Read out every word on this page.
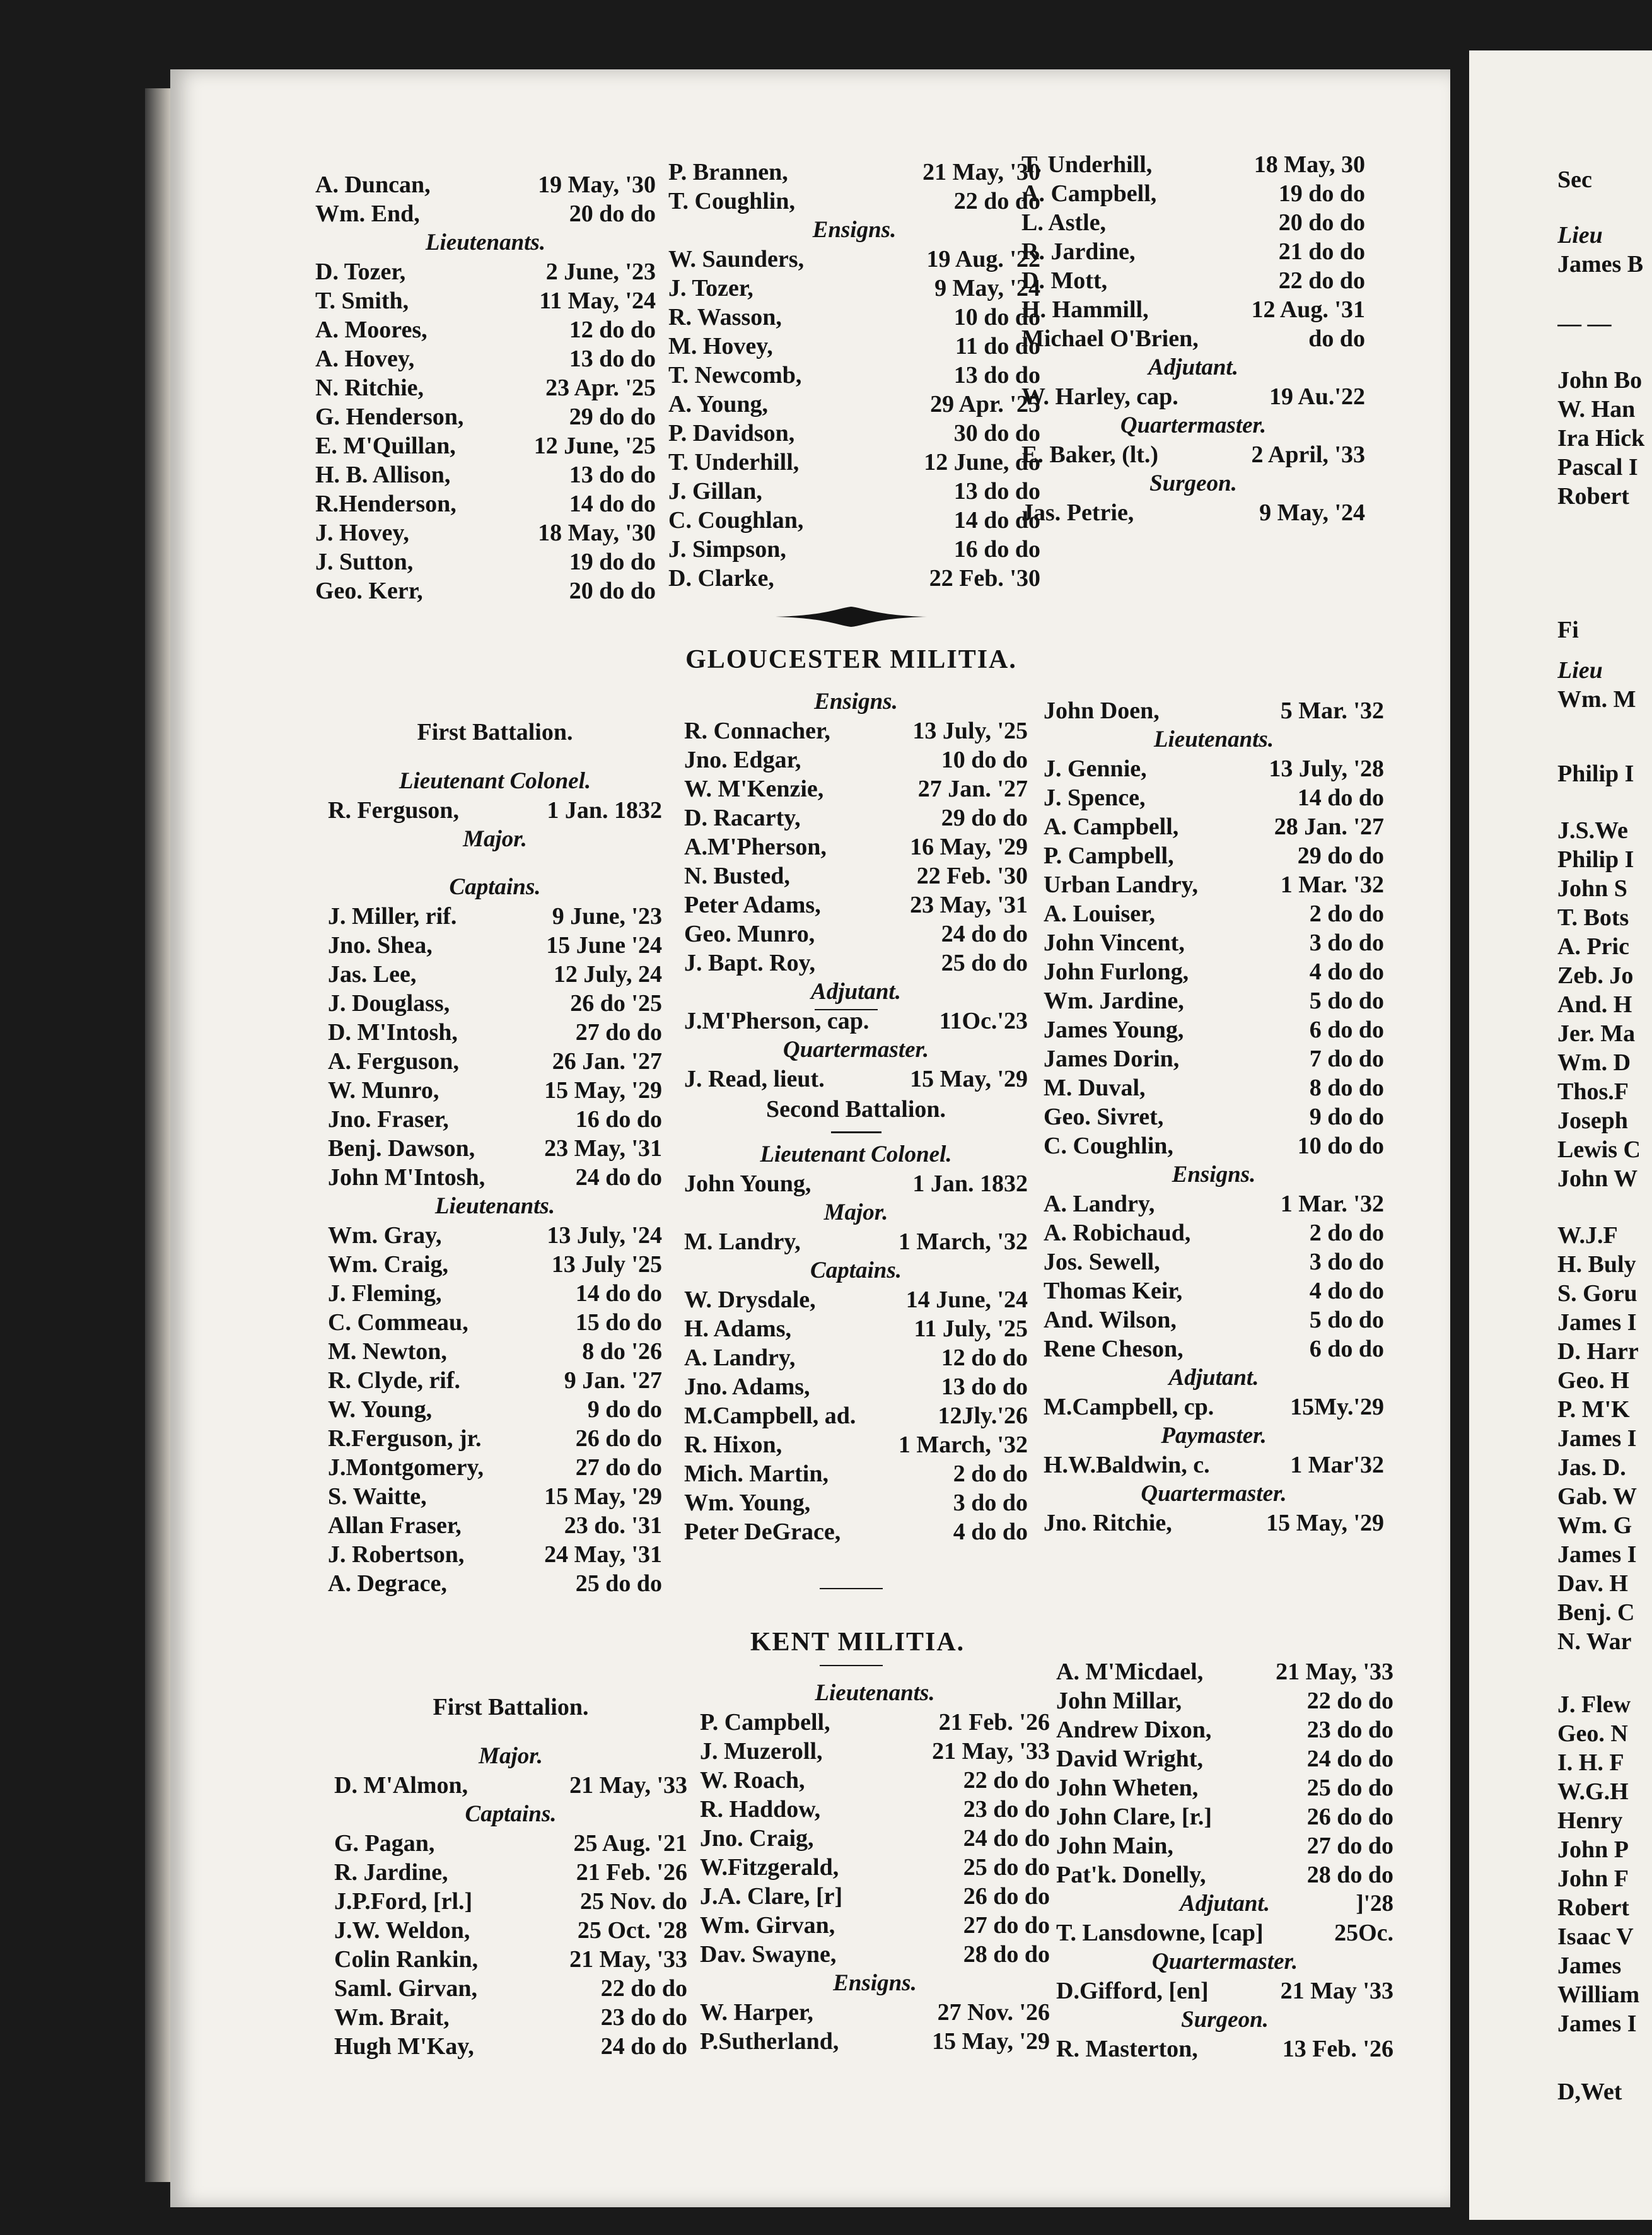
A. Duncan,	19 May, '30
Wm. End,	20 do do
Lieutenants.
D. Tozer,	2 June, '23
T. Smith,	11 May, '24
A. Moores,	12 do do
A. Hovey,	13 do do
N. Ritchie,	23 Apr. '25
G. Henderson,	29 do do
E. M'Quillan,	12 June, '25
H. B. Allison,	13 do do
R.Henderson,	14 do do
J. Hovey,	18 May, '30
J. Sutton,	19 do do
Geo. Kerr,	20 do do
P. Brannen,	21 May, '30
T. Coughlin,	22 do do
Ensigns.
W. Saunders,	19 Aug. '22
J. Tozer,	9 May, '24
R. Wasson,	10 do do
M. Hovey,	11 do do
T. Newcomb,	13 do do
A. Young,	29 Apr. '25
P. Davidson,	30 do do
T. Underhill,	12 June, do
J. Gillan,	13 do do
C. Coughlan,	14 do do
J. Simpson,	16 do do
D. Clarke,	22 Feb. '30
T. Underhill,	18 May, 30
A. Campbell,	19 do do
L. Astle,	20 do do
R. Jardine,	21 do do
D. Mott,	22 do do
H. Hammill,	12 Aug. '31
Michael O'Brien,	do do
Adjutant.
W. Harley, cap.	19 Au.'22
Quartermaster.
E. Baker, (lt.)	2 April, '33
Surgeon.
Jas. Petrie,	9 May, '24
GLOUCESTER MILITIA.
First Battalion.
Lieutenant Colonel.
R. Ferguson,	1 Jan. 1832
Major.
Captains.
J. Miller, rif.	9 June, '23
Jno. Shea,	15 June '24
Jas. Lee,	12 July, 24
J. Douglass,	26 do '25
D. M'Intosh,	27 do do
A. Ferguson,	26 Jan. '27
W. Munro,	15 May, '29
Jno. Fraser,	16 do do
Benj. Dawson,	23 May, '31
John M'Intosh,	24 do do
Lieutenants.
Wm. Gray,	13 July, '24
Wm. Craig,	13 July '25
J. Fleming,	14 do do
C. Commeau,	15 do do
M. Newton,	8 do '26
R. Clyde, rif.	9 Jan. '27
W. Young,	9 do do
R.Ferguson, jr.	26 do do
J.Montgomery,	27 do do
S. Waitte,	15 May, '29
Allan Fraser,	23 do. '31
J. Robertson,	24 May, '31
A. Degrace,	25 do do
Ensigns.
R. Connacher,	13 July, '25
Jno. Edgar,	10 do do
W. M'Kenzie,	27 Jan. '27
D. Racarty,	29 do do
A.M'Pherson,	16 May, '29
N. Busted,	22 Feb. '30
Peter Adams,	23 May, '31
Geo. Munro,	24 do do
J. Bapt. Roy,	25 do do
Adjutant.
J.M'Pherson, cap.	11Oc.'23
Quartermaster.
J. Read, lieut.	15 May, '29
Second Battalion.
Lieutenant Colonel.
John Young,	1 Jan. 1832
Major.
M. Landry,	1 March, '32
Captains.
W. Drysdale,	14 June, '24
H. Adams,	11 July, '25
A. Landry,	12 do do
Jno. Adams,	13 do do
M.Campbell, ad.	12Jly.'26
R. Hixon,	1 March, '32
Mich. Martin,	2 do do
Wm. Young,	3 do do
Peter DeGrace,	4 do do
John Doen,	5 Mar. '32
Lieutenants.
J. Gennie,	13 July, '28
J. Spence,	14 do do
A. Campbell,	28 Jan. '27
P. Campbell,	29 do do
Urban Landry,	1 Mar. '32
A. Louiser,	2 do do
John Vincent,	3 do do
John Furlong,	4 do do
Wm. Jardine,	5 do do
James Young,	6 do do
James Dorin,	7 do do
M. Duval,	8 do do
Geo. Sivret,	9 do do
C. Coughlin,	10 do do
Ensigns.
A. Landry,	1 Mar. '32
A. Robichaud,	2 do do
Jos. Sewell,	3 do do
Thomas Keir,	4 do do
And. Wilson,	5 do do
Rene Cheson,	6 do do
Adjutant.
M.Campbell, cp.	15My.'29
Paymaster.
H.W.Baldwin, c.	1 Mar'32
Quartermaster.
Jno. Ritchie,	15 May, '29
KENT MILITIA.
First Battalion.
Major.
D. M'Almon,	21 May, '33
Captains.
G. Pagan,	25 Aug. '21
R. Jardine,	21 Feb. '26
J.P.Ford, [rl.]	25 Nov. do
J.W. Weldon,	25 Oct. '28
Colin Rankin,	21 May, '33
Saml. Girvan,	22 do do
Wm. Brait,	23 do do
Hugh M'Kay,	24 do do
Lieutenants.
P. Campbell,	21 Feb. '26
J. Muzeroll,	21 May, '33
W. Roach,	22 do do
R. Haddow,	23 do do
Jno. Craig,	24 do do
W.Fitzgerald,	25 do do
J.A. Clare, [r]	26 do do
Wm. Girvan,	27 do do
Dav. Swayne,	28 do do
Ensigns.
W. Harper,	27 Nov. '26
P.Sutherland,	15 May, '29
A. M'Micdael,	21 May, '33
John Millar,	22 do do
Andrew Dixon,	23 do do
David Wright,	24 do do
John Wheten,	25 do do
John Clare, [r.]	26 do do
John Main,	27 do do
Pat'k. Donelly,	28 do do
Adjutant.	]'28
T. Lansdowne, [cap]	25Oc.
Quartermaster.
D.Gifford, [en]	21 May '33
Surgeon.
R. Masterton,	13 Feb. '26
Sec
Lieu
James B
— —
John Bo
W. Han
Ira Hick
Pascal I
Robert
Fi
Lieu
Wm. M
Philip I
J.S.We
Philip I
John S
T. Bots
A. Pric
Zeb. Jo
And. H
Jer. Ma
Wm. D
Thos.F
Joseph
Lewis C
John W
W.J.F
H. Buly
S. Goru
James I
D. Harr
Geo. H
P. M'K
James I
Jas. D.
Gab. W
Wm. G
James I
Dav. H
Benj. C
N. War
J. Flew
Geo. N
I. H. F
W.G.H
Henry
John P
John F
Robert
Isaac V
James
William
James I
D,Wet
